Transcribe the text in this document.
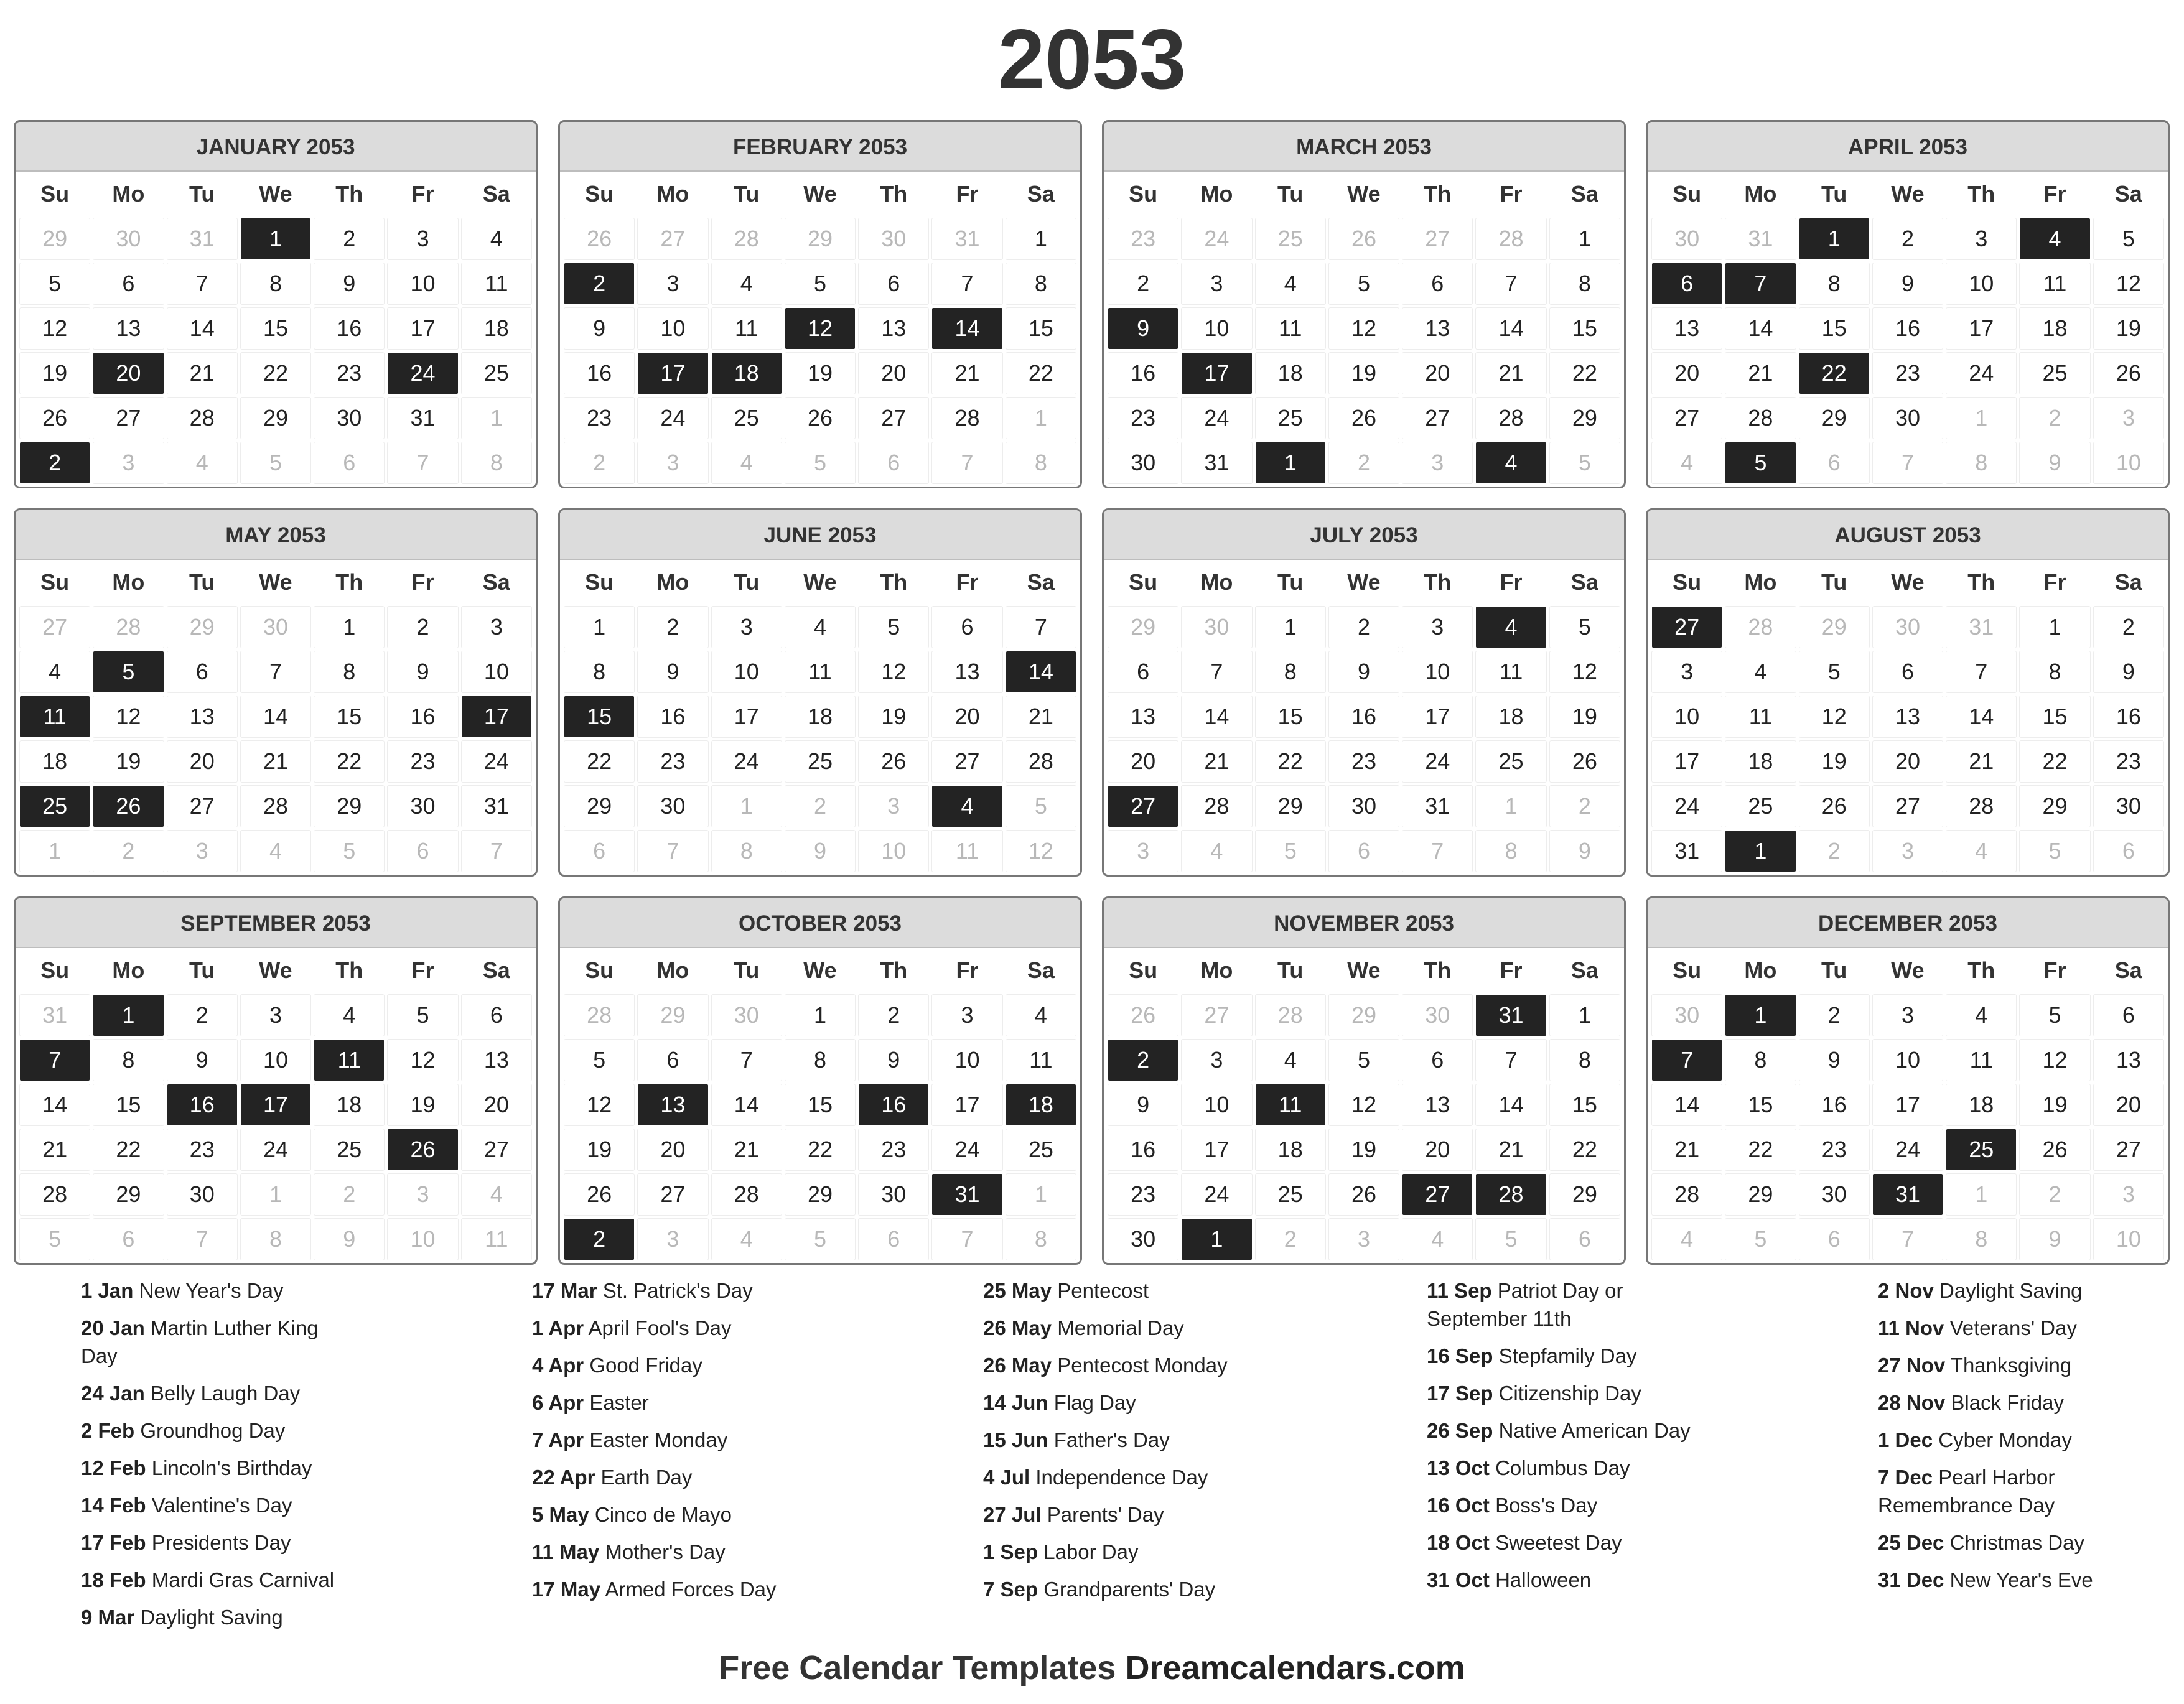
2053
JANUARY 2053
Su	Mo	Tu	We	Th	Fr	Sa
29	30	31	1	2	3	4
5	6	7	8	9	10	11
12	13	14	15	16	17	18
19	20	21	22	23	24	25
26	27	28	29	30	31	1
2	3	4	5	6	7	8
FEBRUARY 2053
Su	Mo	Tu	We	Th	Fr	Sa
26	27	28	29	30	31	1
2	3	4	5	6	7	8
9	10	11	12	13	14	15
16	17	18	19	20	21	22
23	24	25	26	27	28	1
2	3	4	5	6	7	8
MARCH 2053
Su	Mo	Tu	We	Th	Fr	Sa
23	24	25	26	27	28	1
2	3	4	5	6	7	8
9	10	11	12	13	14	15
16	17	18	19	20	21	22
23	24	25	26	27	28	29
30	31	1	2	3	4	5
APRIL 2053
Su	Mo	Tu	We	Th	Fr	Sa
30	31	1	2	3	4	5
6	7	8	9	10	11	12
13	14	15	16	17	18	19
20	21	22	23	24	25	26
27	28	29	30	1	2	3
4	5	6	7	8	9	10
MAY 2053
Su	Mo	Tu	We	Th	Fr	Sa
27	28	29	30	1	2	3
4	5	6	7	8	9	10
11	12	13	14	15	16	17
18	19	20	21	22	23	24
25	26	27	28	29	30	31
1	2	3	4	5	6	7
JUNE 2053
Su	Mo	Tu	We	Th	Fr	Sa
1	2	3	4	5	6	7
8	9	10	11	12	13	14
15	16	17	18	19	20	21
22	23	24	25	26	27	28
29	30	1	2	3	4	5
6	7	8	9	10	11	12
JULY 2053
Su	Mo	Tu	We	Th	Fr	Sa
29	30	1	2	3	4	5
6	7	8	9	10	11	12
13	14	15	16	17	18	19
20	21	22	23	24	25	26
27	28	29	30	31	1	2
3	4	5	6	7	8	9
AUGUST 2053
Su	Mo	Tu	We	Th	Fr	Sa
27	28	29	30	31	1	2
3	4	5	6	7	8	9
10	11	12	13	14	15	16
17	18	19	20	21	22	23
24	25	26	27	28	29	30
31	1	2	3	4	5	6
SEPTEMBER 2053
Su	Mo	Tu	We	Th	Fr	Sa
31	1	2	3	4	5	6
7	8	9	10	11	12	13
14	15	16	17	18	19	20
21	22	23	24	25	26	27
28	29	30	1	2	3	4
5	6	7	8	9	10	11
OCTOBER 2053
Su	Mo	Tu	We	Th	Fr	Sa
28	29	30	1	2	3	4
5	6	7	8	9	10	11
12	13	14	15	16	17	18
19	20	21	22	23	24	25
26	27	28	29	30	31	1
2	3	4	5	6	7	8
NOVEMBER 2053
Su	Mo	Tu	We	Th	Fr	Sa
26	27	28	29	30	31	1
2	3	4	5	6	7	8
9	10	11	12	13	14	15
16	17	18	19	20	21	22
23	24	25	26	27	28	29
30	1	2	3	4	5	6
DECEMBER 2053
Su	Mo	Tu	We	Th	Fr	Sa
30	1	2	3	4	5	6
7	8	9	10	11	12	13
14	15	16	17	18	19	20
21	22	23	24	25	26	27
28	29	30	31	1	2	3
4	5	6	7	8	9	10
1 Jan New Year's Day
20 Jan Martin Luther King Day
24 Jan Belly Laugh Day
2 Feb Groundhog Day
12 Feb Lincoln's Birthday
14 Feb Valentine's Day
17 Feb Presidents Day
18 Feb Mardi Gras Carnival
9 Mar Daylight Saving
17 Mar St. Patrick's Day
1 Apr April Fool's Day
4 Apr Good Friday
6 Apr Easter
7 Apr Easter Monday
22 Apr Earth Day
5 May Cinco de Mayo
11 May Mother's Day
17 May Armed Forces Day
25 May Pentecost
26 May Memorial Day
26 May Pentecost Monday
14 Jun Flag Day
15 Jun Father's Day
4 Jul Independence Day
27 Jul Parents' Day
1 Sep Labor Day
7 Sep Grandparents' Day
11 Sep Patriot Day or September 11th
16 Sep Stepfamily Day
17 Sep Citizenship Day
26 Sep Native American Day
13 Oct Columbus Day
16 Oct Boss's Day
18 Oct Sweetest Day
31 Oct Halloween
2 Nov Daylight Saving
11 Nov Veterans' Day
27 Nov Thanksgiving
28 Nov Black Friday
1 Dec Cyber Monday
7 Dec Pearl Harbor Remembrance Day
25 Dec Christmas Day
31 Dec New Year's Eve
Free Calendar Templates Dreamcalendars.com
